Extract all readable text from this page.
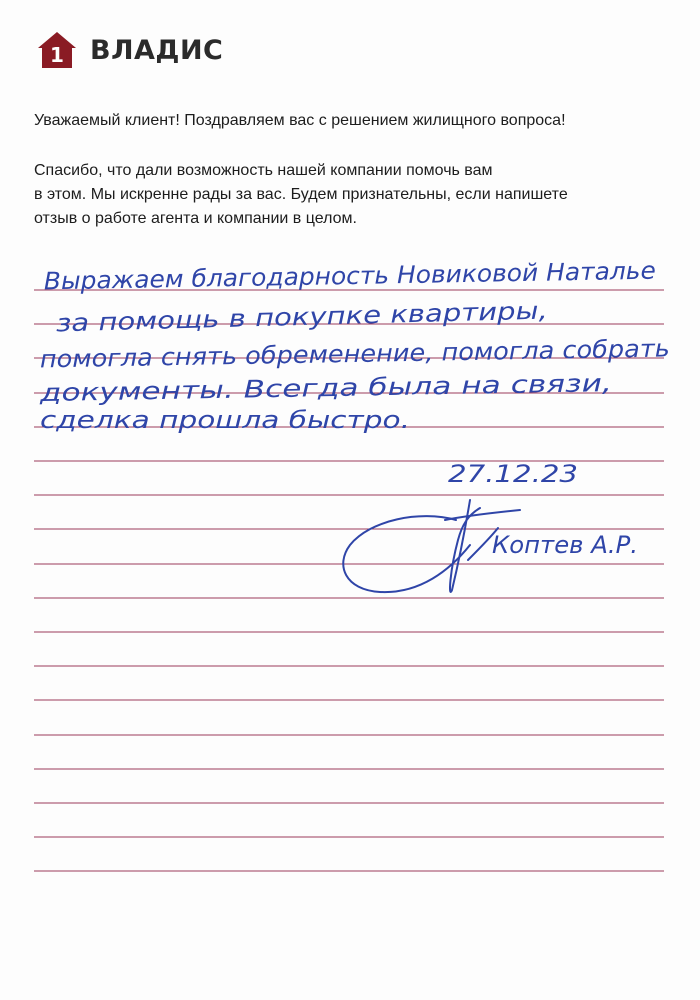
1 ВЛАДИС

Уважаемый клиент! Поздравляем вас с решением жилищного вопроса!

Спасибо, что дали возможность нашей компании помочь вам
в этом. Мы искренне рады за вас. Будем признательны, если напишете
отзыв о работе агента и компании в целом.

Выражаем благодарность Новиковой Наталье
за помощь в покупке квартиры,
помогла снять обременение, помогла собрать
документы. Всегда была на связи,
сделка прошла быстро.
27.12.23
Коптев А.Р.
